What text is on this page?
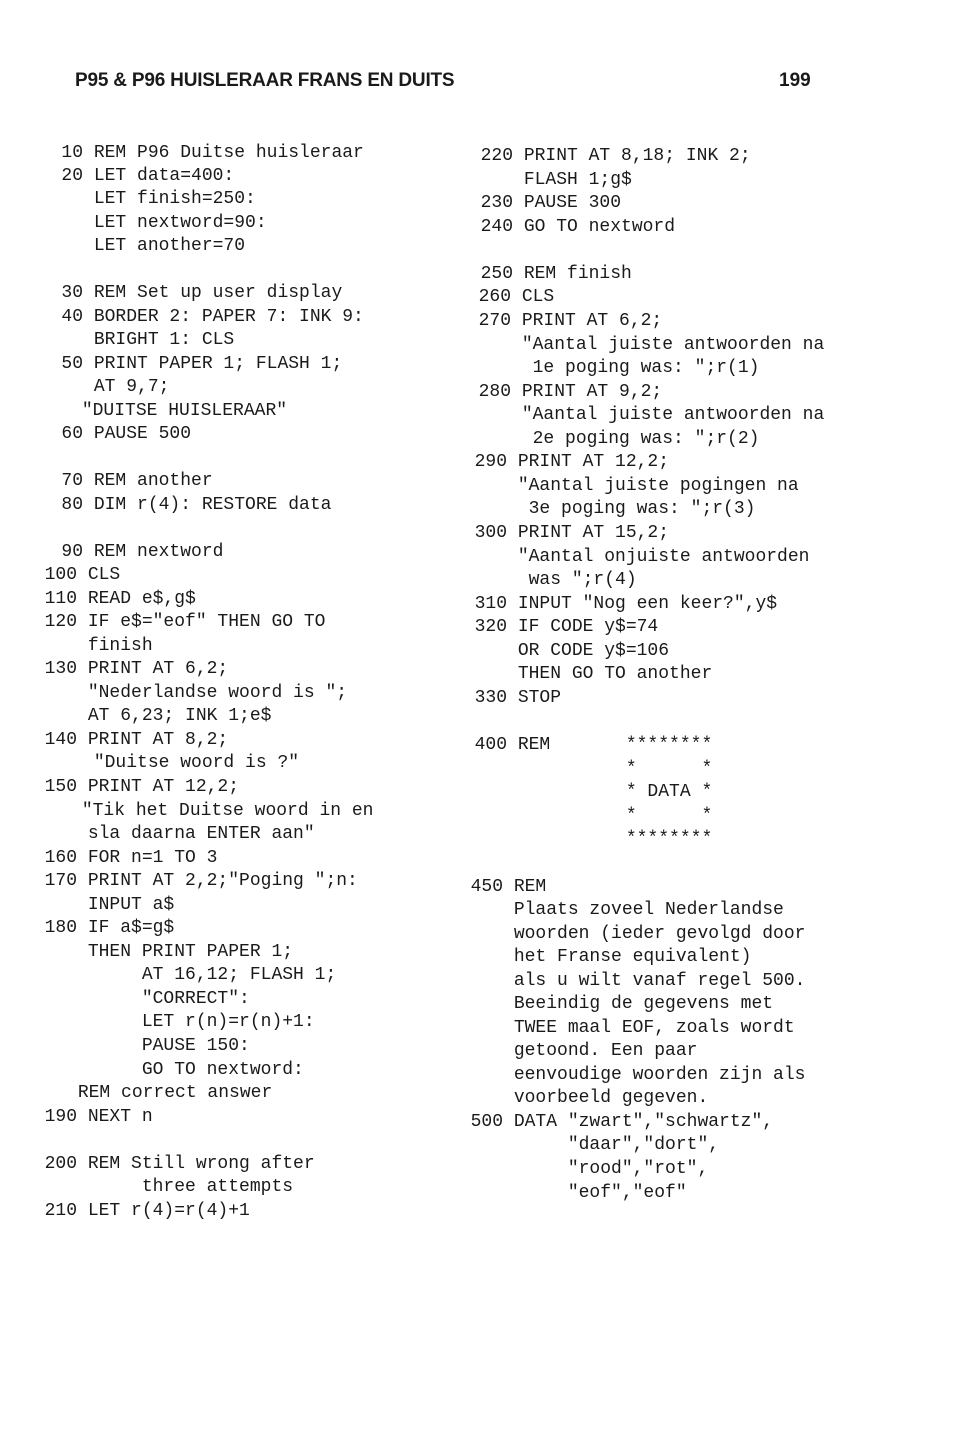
P95 & P96 HUISLERAAR FRANS EN DUITS	199
10 REM P96 Duitse huisleraar
20 LET data=400:
LET finish=250:
LET nextword=90:
LET another=70
30 REM Set up user display
40 BORDER 2: PAPER 7: INK 9:
BRIGHT 1: CLS
50 PRINT PAPER 1; FLASH 1;
AT 9,7;
"DUITSE HUISLERAAR"
60 PAUSE 500
70 REM another
80 DIM r(4): RESTORE data
90 REM nextword
100 CLS
110 READ e$,g$
120 IF e$="eof" THEN GO TO
finish
130 PRINT AT 6,2;
"Nederlandse woord is ";
AT 6,23; INK 1;e$
140 PRINT AT 8,2;
"Duitse woord is ?"
150 PRINT AT 12,2;
"Tik het Duitse woord in en
sla daarna ENTER aan"
160 FOR n=1 TO 3
170 PRINT AT 2,2;"Poging ";n:
INPUT a$
180 IF a$=g$
THEN PRINT PAPER 1;
AT 16,12; FLASH 1;
"CORRECT":
LET r(n)=r(n)+1:
PAUSE 150:
GO TO nextword:
REM correct answer
190 NEXT n
200 REM Still wrong after
three attempts
210 LET r(4)=r(4)+1
220 PRINT AT 8,18; INK 2;
FLASH 1;g$
230 PAUSE 300
240 GO TO nextword
250 REM finish
260 CLS
270 PRINT AT 6,2;
"Aantal juiste antwoorden na
1e poging was: ";r(1)
280 PRINT AT 9,2;
"Aantal juiste antwoorden na
2e poging was: ";r(2)
290 PRINT AT 12,2;
"Aantal juiste pogingen na
3e poging was: ";r(3)
300 PRINT AT 15,2;
"Aantal onjuiste antwoorden
was ";r(4)
310 INPUT "Nog een keer?",y$
320 IF CODE y$=74
OR CODE y$=106
THEN GO TO another
330 STOP
400 REM       ********
*      *
* DATA *
*      *
********
450 REM
Plaats zoveel Nederlandse
woorden (ieder gevolgd door
het Franse equivalent)
als u wilt vanaf regel 500.
Beeindig de gegevens met
TWEE maal EOF, zoals wordt
getoond. Een paar
eenvoudige woorden zijn als
voorbeeld gegeven.
500 DATA "zwart","schwartz",
"daar","dort",
"rood","rot",
"eof","eof"
